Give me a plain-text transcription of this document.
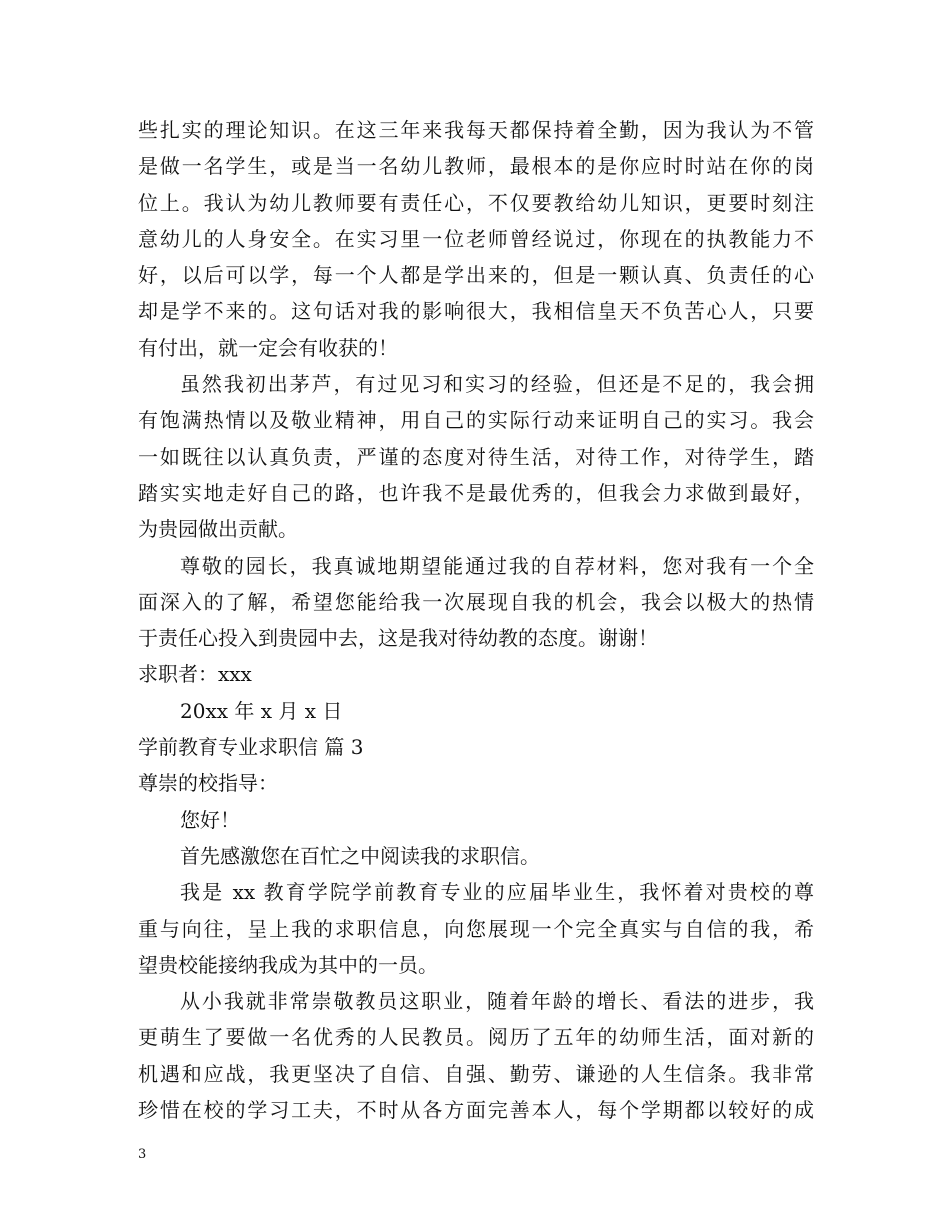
些扎实的理论知识。在这三年来我每天都保持着全勤，因为我认为不管
是做一名学生，或是当一名幼儿教师，最根本的是你应时时站在你的岗
位上。我认为幼儿教师要有责任心，不仅要教给幼儿知识，更要时刻注
意幼儿的人身安全。在实习里一位老师曾经说过，你现在的执教能力不
好，以后可以学，每一个人都是学出来的，但是一颗认真、负责任的心
却是学不来的。这句话对我的影响很大，我相信皇天不负苦心人，只要
有付出，就一定会有收获的！
虽然我初出茅芦，有过见习和实习的经验，但还是不足的，我会拥
有饱满热情以及敬业精神，用自己的实际行动来证明自己的实习。我会
一如既往以认真负责，严谨的态度对待生活，对待工作，对待学生，踏
踏实实地走好自己的路，也许我不是最优秀的，但我会力求做到最好，
为贵园做出贡献。
尊敬的园长，我真诚地期望能通过我的自荐材料，您对我有一个全
面深入的了解，希望您能给我一次展现自我的机会，我会以极大的热情
于责任心投入到贵园中去，这是我对待幼教的态度。谢谢！
求职者：xxx
20xx 年 x 月 x 日
学前教育专业求职信 篇 3
尊崇的校指导：
您好！
首先感激您在百忙之中阅读我的求职信。
我是 xx 教育学院学前教育专业的应届毕业生，我怀着对贵校的尊
重与向往，呈上我的求职信息，向您展现一个完全真实与自信的我，希
望贵校能接纳我成为其中的一员。
从小我就非常崇敬教员这职业，随着年龄的增长、看法的进步，我
更萌生了要做一名优秀的人民教员。阅历了五年的幼师生活，面对新的
机遇和应战，我更坚决了自信、自强、勤劳、谦逊的人生信条。我非常
珍惜在校的学习工夫，不时从各方面完善本人，每个学期都以较好的成
3
